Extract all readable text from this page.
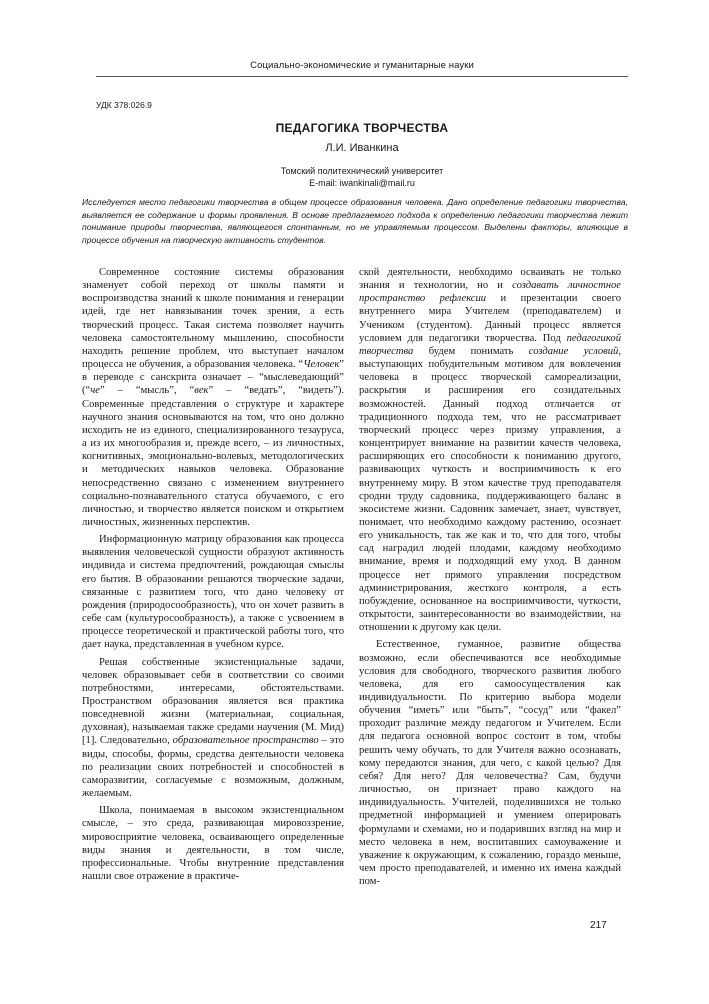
Социально-экономические и гуманитарные науки
УДК 378:026.9
ПЕДАГОГИКА ТВОРЧЕСТВА
Л.И. Иванкина
Томский политехнический университет
E-mail: iwankinali@mail.ru
Исследуется место педагогики творчества в общем процессе образования человека. Дано определение педагогики творчества, выявляется ее содержание и формы проявления. В основе предлагаемого подхода к определению педагогики творчества лежит понимание природы творчества, являющегося спонтанным, но не управляемым процессом. Выделены факторы, влияющие в процессе обучения на творческую активность студентов.

Современное состояние системы образования знаменует собой переход от школы памяти и воспроизводства знаний к школе понимания и генерации идей, где нет навязывания точек зрения, а есть творческий процесс. Такая система позволяет научить человека самостоятельному мышлению, способности находить решение проблем, что выступает началом процесса не обучения, а образования человека. “Человек” в переводе с санскрита означает – “мыслеведающий” (“че” – “мысль”, “век” – “ведать”, “видеть”). Современные представления о структуре и характере научного знания основываются на том, что оно должно исходить не из единого, специализированного тезауруса, а из их многообразия и, прежде всего, – из личностных, когнитивных, эмоционально-волевых, методологических и методических навыков человека. Образование непосредственно связано с изменением внутреннего социально-познавательного статуса обучаемого, с его личностью, и творчество является поиском и открытием личностных, жизненных перспектив.

Информационную матрицу образования как процесса выявления человеческой сущности образуют активность индивида и система предпочтений, рождающая смыслы его бытия. В образовании решаются творческие задачи, связанные с развитием того, что дано человеку от рождения (природосообразность), что он хочет развить в себе сам (культуросообразность), а также с усвоением в процессе теоретической и практической работы того, что дает наука, представленная в учебном курсе.

Решая собственные экзистенциальные задачи, человек образовывает себя в соответствии со своими потребностями, интересами, обстоятельствами. Пространством образования является вся практика повседневной жизни (материальная, социальная, духовная), называемая также средами научения (М. Мид) [1]. Следовательно, образовательное пространство – это виды, способы, формы, средства деятельности человека по реализации своих потребностей и способностей в саморазвитии, согласуемые с возможным, должным, желаемым.

Школа, понимаемая в высоком экзистенциальном смысле, – это среда, развивающая мировоззрение, мировосприятие человека, осваивающего определенные виды знания и деятельности, в том числе, профессиональные. Чтобы внутренние представления нашли свое отражение в практиче-

ской деятельности, необходимо осваивать не только знания и технологии, но и создавать личностное пространство рефлексии и презентации своего внутреннего мира Учителем (преподавателем) и Учеником (студентом). Данный процесс является условием для педагогики творчества. Под педагогикой творчества будем понимать создание условий, выступающих побудительным мотивом для вовлечения человека в процесс творческой самореализации, раскрытия и расширения его созидательных возможностей. Данный подход отличается от традиционного подхода тем, что не рассматривает творческий процесс через призму управления, а концентрирует внимание на развитии качеств человека, расширяющих его способности к пониманию другого, развивающих чуткость и восприимчивость к его внутреннему миру. В этом качестве труд преподавателя сродни труду садовника, поддерживающего баланс в экосистеме жизни. Садовник замечает, знает, чувствует, понимает, что необходимо каждому растению, осознает его уникальность, так же как и то, что для того, чтобы сад наградил людей плодами, каждому необходимо внимание, время и подходящий ему уход. В данном процессе нет прямого управления посредством администрирования, жесткого контроля, а есть побуждение, основанное на восприимчивости, чуткости, открытости, заинтересованности во взаимодействии, на отношении к другому как цели.

Естественное, гуманное, развитие общества возможно, если обеспечиваются все необходимые условия для свободного, творческого развития любого человека, для его самоосуществления как индивидуальности. По критерию выбора модели обучения “иметь” или “быть”, “сосуд” или “факел” проходит различие между педагогом и Учителем. Если для педагога основной вопрос состоит в том, чтобы решить чему обучать, то для Учителя важно осознавать, кому передаются знания, для чего, с какой целью? Для себя? Для него? Для человечества? Сам, будучи личностью, он признает право каждого на индивидуальность. Учителей, поделившихся не только предметной информацией и умением оперировать формулами и схемами, но и подаривших взгляд на мир и место человека в нем, воспитавших самоуважение и уважение к окружающим, к сожалению, гораздо меньше, чем просто преподавателей, и именно их имена каждый пом-

217
